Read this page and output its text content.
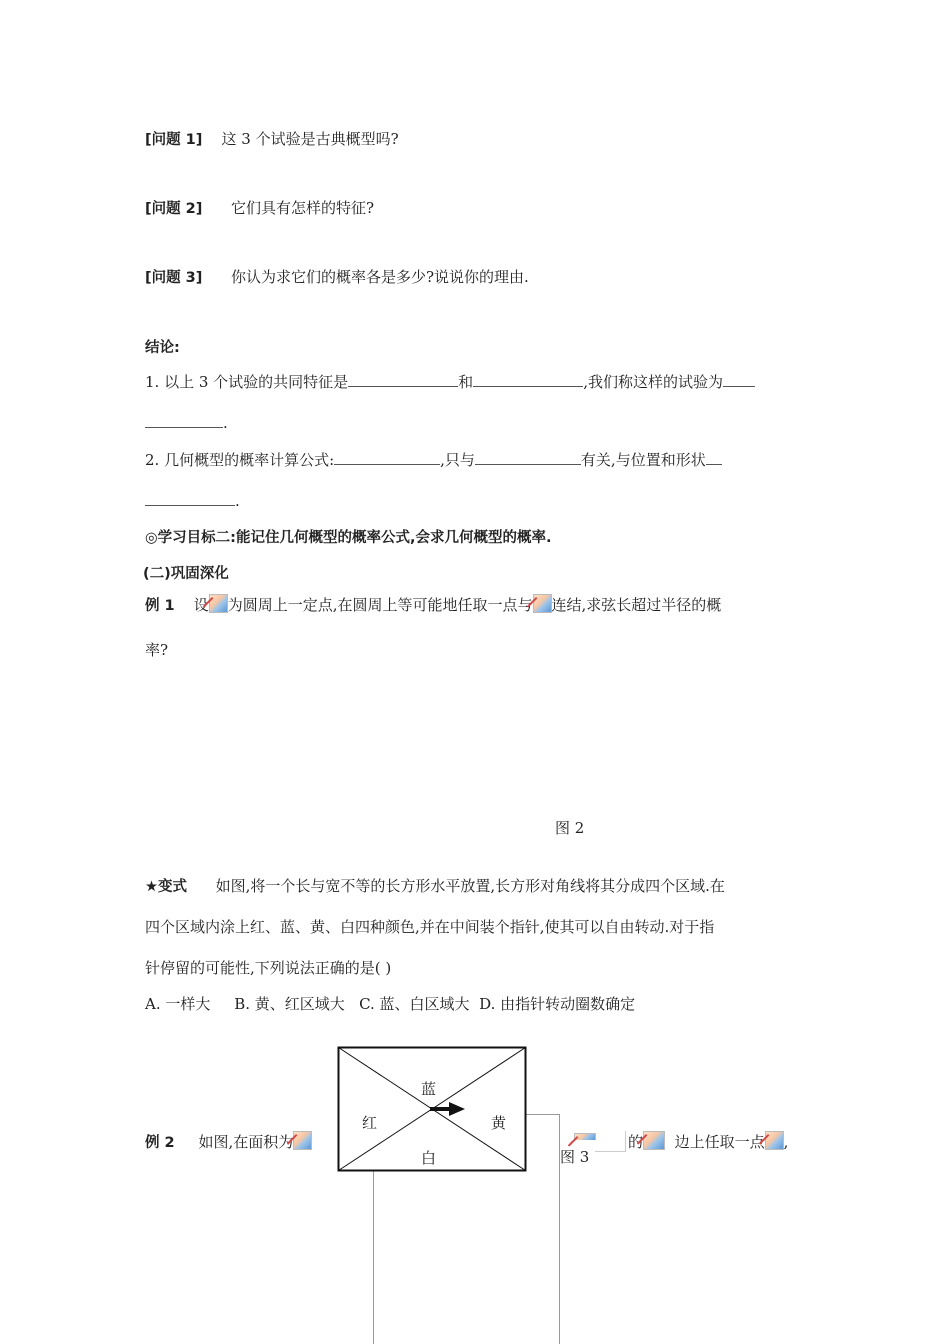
[问题 1] 这 3 个试验是古典概型吗?
[问题 2] 它们具有怎样的特征?
[问题 3] 你认为求它们的概率各是多少?说说你的理由.
结论:
1. 以上 3 个试验的共同特征是	和	,我们称这样的试验为
.
2. 几何概型的概率计算公式:	,只与	有关,与位置和形状
.
◎学习目标二:能记住几何概型的概率公式,会求几何概型的概率.
(二)巩固深化
例 1 设 为圆周上一定点,在圆周上等可能地任取一点与 连结,求弦长超过半径的概
率?
图 2
★变式 如图,将一个长与宽不等的长方形水平放置,长方形对角线将其分成四个区域.在
四个区域内涂上红、蓝、黄、白四种颜色,并在中间装个指针,使其可以自由转动.对于指
针停留的可能性,下列说法正确的是( )
A. 一样大     B. 黄、红区域大   C. 蓝、白区域大  D. 由指针转动圈数确定
蓝
红	黄
白	图 3
例 2 如图,在面积为	的 边上任取一点 ,
